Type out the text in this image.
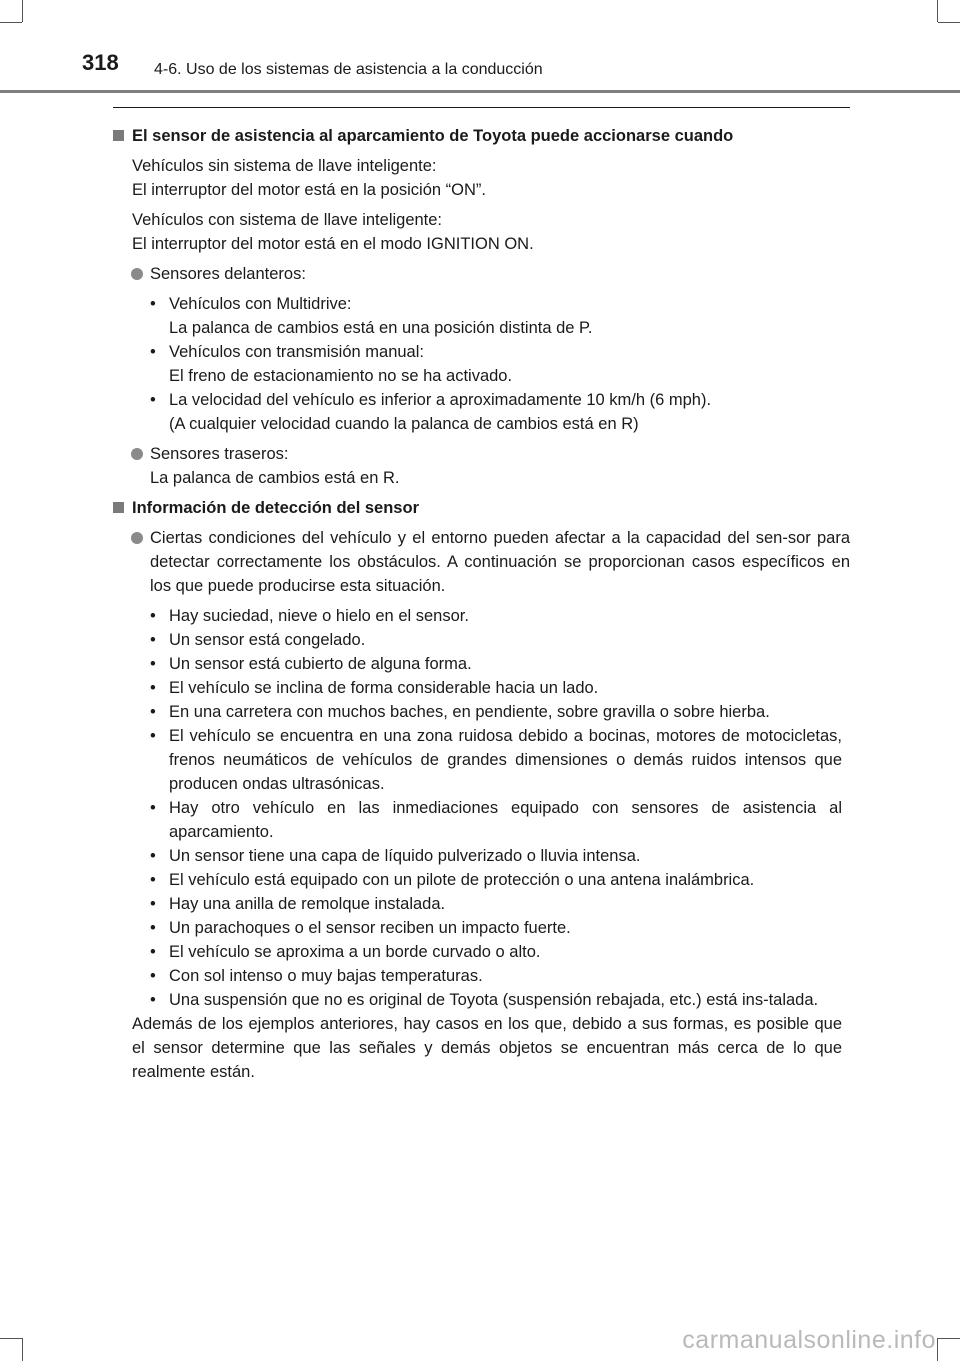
318 4-6. Uso de los sistemas de asistencia a la conducción
El sensor de asistencia al aparcamiento de Toyota puede accionarse cuando
Vehículos sin sistema de llave inteligente:
El interruptor del motor está en la posición “ON”.
Vehículos con sistema de llave inteligente:
El interruptor del motor está en el modo IGNITION ON.
Sensores delanteros:
• Vehículos con Multidrive:
La palanca de cambios está en una posición distinta de P.
• Vehículos con transmisión manual:
El freno de estacionamiento no se ha activado.
• La velocidad del vehículo es inferior a aproximadamente 10 km/h (6 mph).
(A cualquier velocidad cuando la palanca de cambios está en R)
Sensores traseros:
La palanca de cambios está en R.
Información de detección del sensor
Ciertas condiciones del vehículo y el entorno pueden afectar a la capacidad del sen-sor para detectar correctamente los obstáculos. A continuación se proporcionan casos específicos en los que puede producirse esta situación.
• Hay suciedad, nieve o hielo en el sensor.
• Un sensor está congelado.
• Un sensor está cubierto de alguna forma.
• El vehículo se inclina de forma considerable hacia un lado.
• En una carretera con muchos baches, en pendiente, sobre gravilla o sobre hierba.
• El vehículo se encuentra en una zona ruidosa debido a bocinas, motores de motocicletas, frenos neumáticos de vehículos de grandes dimensiones o demás ruidos intensos que producen ondas ultrasónicas.
• Hay otro vehículo en las inmediaciones equipado con sensores de asistencia al aparcamiento.
• Un sensor tiene una capa de líquido pulverizado o lluvia intensa.
• El vehículo está equipado con un pilote de protección o una antena inalámbrica.
• Hay una anilla de remolque instalada.
• Un parachoques o el sensor reciben un impacto fuerte.
• El vehículo se aproxima a un borde curvado o alto.
• Con sol intenso o muy bajas temperaturas.
• Una suspensión que no es original de Toyota (suspensión rebajada, etc.) está ins-talada.
Además de los ejemplos anteriores, hay casos en los que, debido a sus formas, es posible que el sensor determine que las señales y demás objetos se encuentran más cerca de lo que realmente están.
carmanualsonline.info
